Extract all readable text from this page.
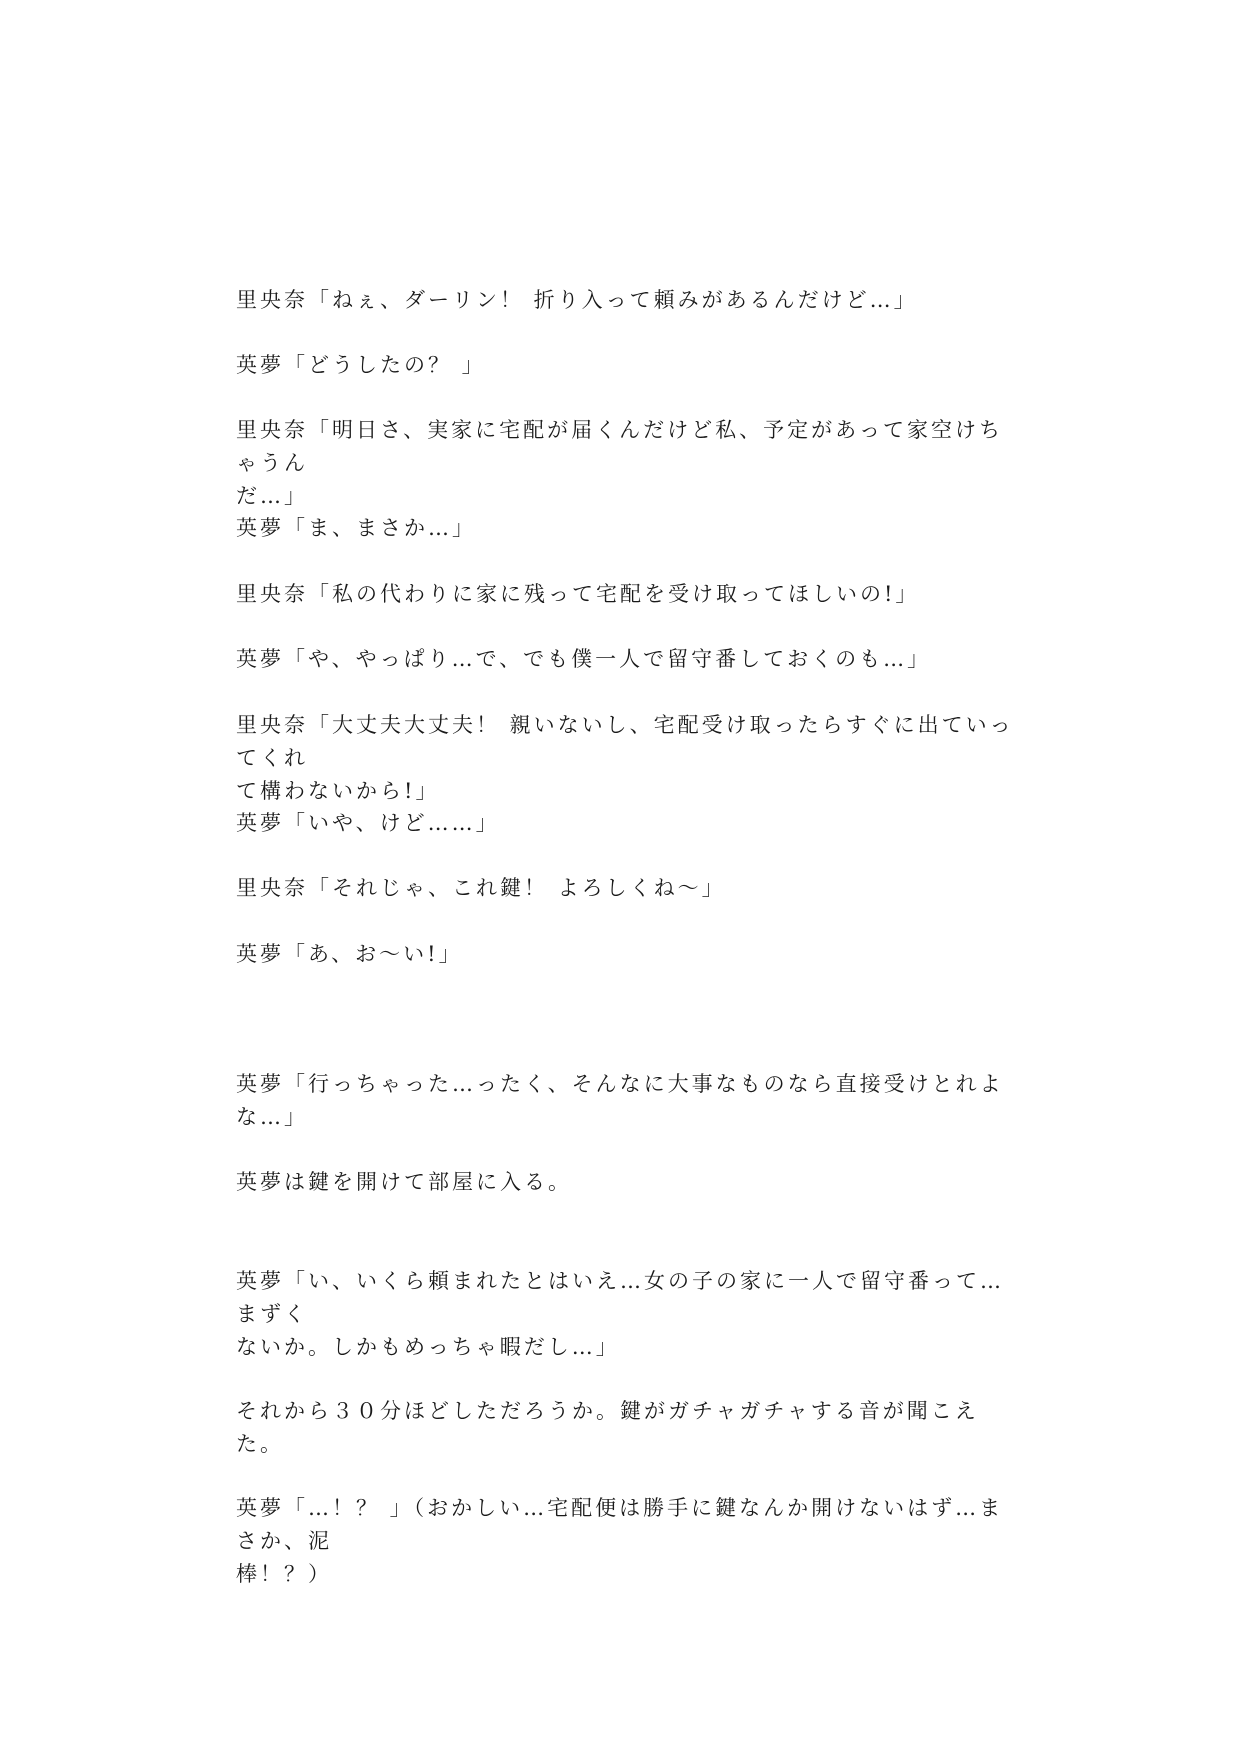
里央奈「ねぇ、ダーリン！ 折り入って頼みがあるんだけど…」

英夢「どうしたの？ 」

里央奈「明日さ、実家に宅配が届くんだけど私、予定があって家空けちゃうん
だ…」

英夢「ま、まさか…」

里央奈「私の代わりに家に残って宅配を受け取ってほしいの!」

英夢「や、やっぱり…で、でも僕一人で留守番しておくのも…」

里央奈「大丈夫大丈夫！ 親いないし、宅配受け取ったらすぐに出ていってくれ
て構わないから!」

英夢「いや、けど……」

里央奈「それじゃ、これ鍵！ よろしくね～」

英夢「あ、お～い!」

英夢「行っちゃった…ったく、そんなに大事なものなら直接受けとれよな…」

英夢は鍵を開けて部屋に入る。

英夢「い、いくら頼まれたとはいえ…女の子の家に一人で留守番って…まずく
ないか。しかもめっちゃ暇だし…」

それから３０分ほどしただろうか。鍵がガチャガチャする音が聞こえた。

英夢「…！？ 」（おかしい…宅配便は勝手に鍵なんか開けないはず…まさか、泥
棒！？）
